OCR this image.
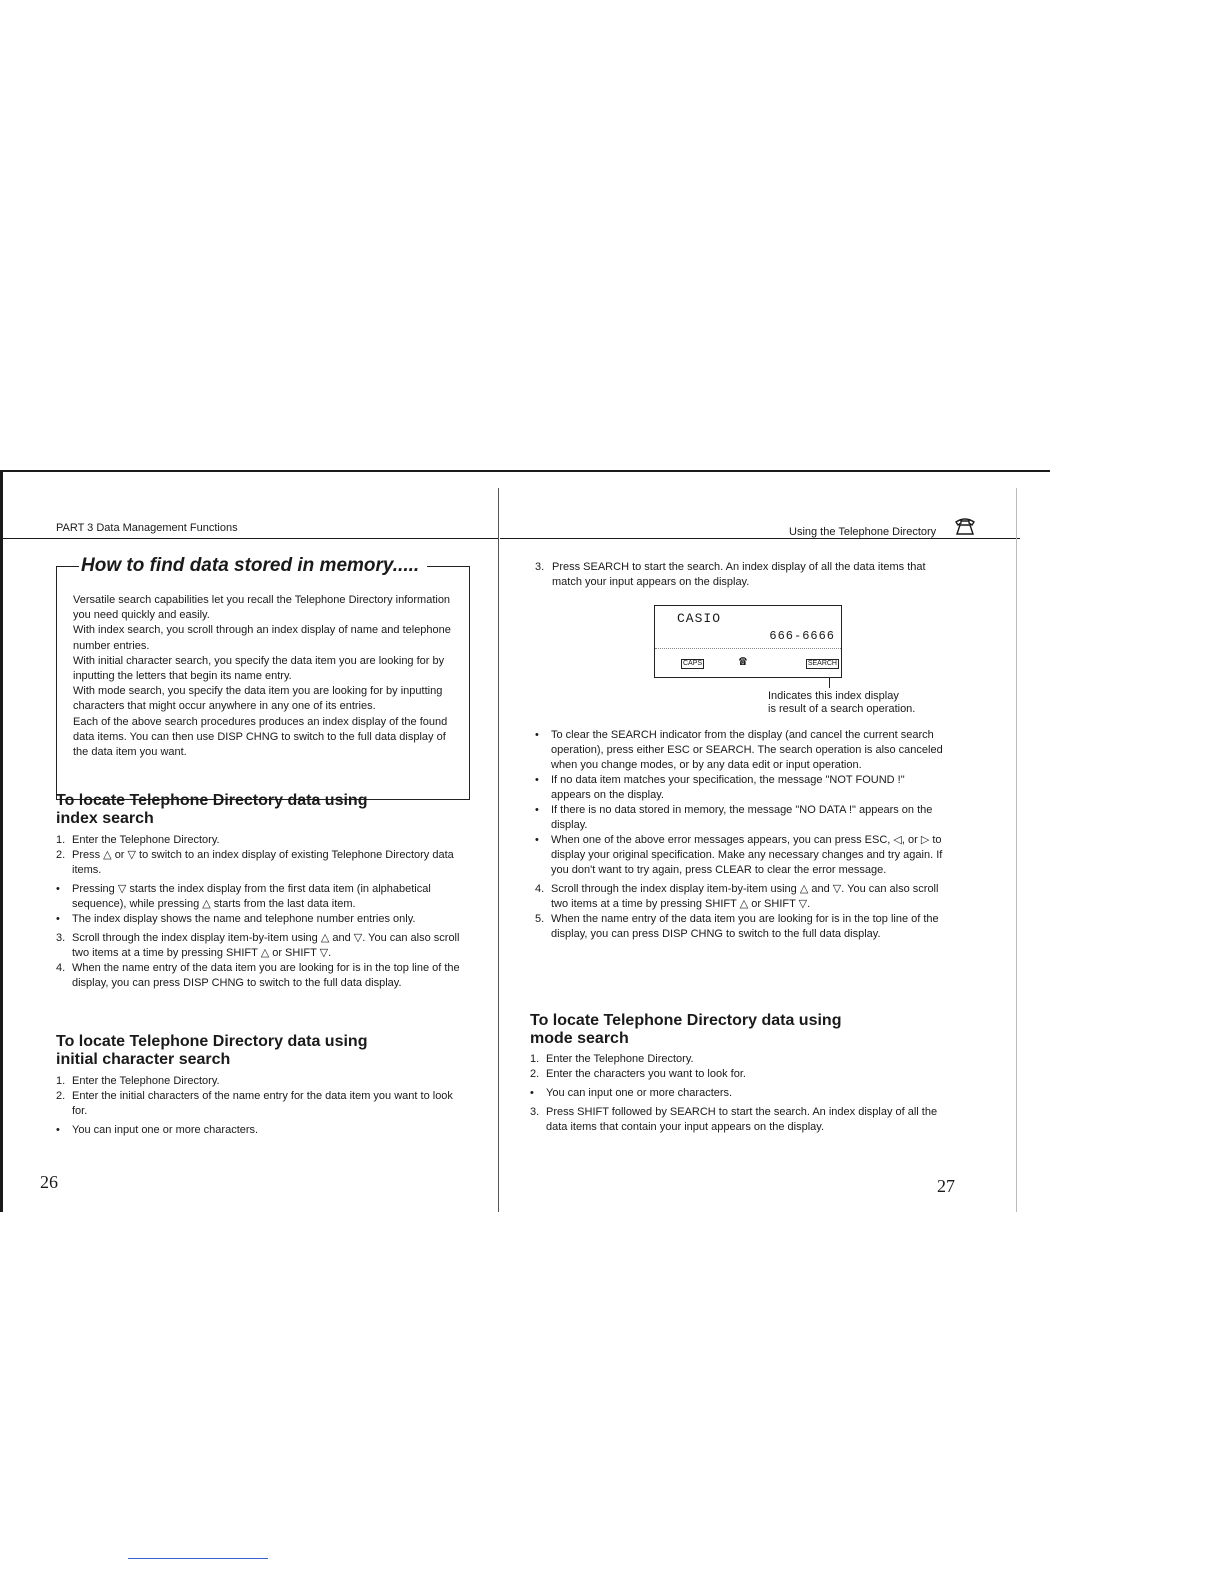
PART 3 Data Management Functions
How to find data stored in memory.....

Versatile search capabilities let you recall the Telephone Directory information you need quickly and easily.

With index search, you scroll through an index display of name and telephone number entries.

With initial character search, you specify the data item you are looking for by inputting the letters that begin its name entry.

With mode search, you specify the data item you are looking for by inputting characters that might occur anywhere in any one of its entries.

Each of the above search procedures produces an index display of the found data items. You can then use DISP CHNG to switch to the full data display of the data item you want.

To locate Telephone Directory data using
index search
1. Enter the Telephone Directory.
2. Press △ or ▽ to switch to an index display of existing Telephone Directory data items.
• Pressing ▽ starts the index display from the first data item (in alphabetical sequence), while pressing △ starts from the last data item.
• The index display shows the name and telephone number entries only.
3. Scroll through the index display item-by-item using △ and ▽. You can also scroll two items at a time by pressing SHIFT △ or SHIFT ▽.
4. When the name entry of the data item you are looking for is in the top line of the display, you can press DISP CHNG to switch to the full data display.
To locate Telephone Directory data using
initial character search
1. Enter the Telephone Directory.
2. Enter the initial characters of the name entry for the data item you want to look for.
• You can input one or more characters.
26
Using the Telephone Directory
3. Press SEARCH to start the search. An index display of all the data items that match your input appears on the display.
CASIO
666-6666
CAPS	☎	SEARCH
Indicates this index display
is result of a search operation.
• To clear the SEARCH indicator from the display (and cancel the current search operation), press either ESC or SEARCH. The search operation is also canceled when you change modes, or by any data edit or input operation.
• If no data item matches your specification, the message "NOT FOUND !" appears on the display.
• If there is no data stored in memory, the message "NO DATA !" appears on the display.
• When one of the above error messages appears, you can press ESC, ◁, or ▷ to display your original specification. Make any necessary changes and try again. If you don't want to try again, press CLEAR to clear the error message.
4. Scroll through the index display item-by-item using △ and ▽. You can also scroll two items at a time by pressing SHIFT △ or SHIFT ▽.
5. When the name entry of the data item you are looking for is in the top line of the display, you can press DISP CHNG to switch to the full data display.
To locate Telephone Directory data using
mode search
1. Enter the Telephone Directory.
2. Enter the characters you want to look for.
• You can input one or more characters.
3. Press SHIFT followed by SEARCH to start the search. An index display of all the data items that contain your input appears on the display.
27
